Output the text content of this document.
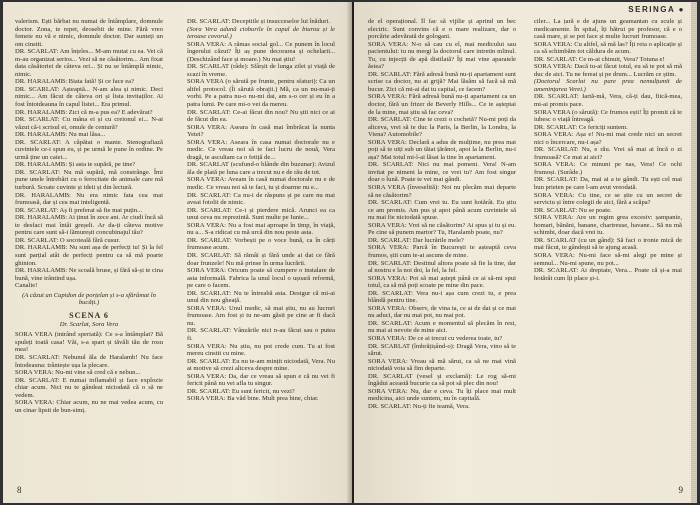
valerism. Ești bărbat nu numai de întâmplare, domnule doctor. Zona, te repet, deosebit de mine. Fără vreo femeie nu vă e nimic, domnule doctor. Dar sunteți un om cinstit.

DR. SCARLAT: Am înțeles... M-am mutat cu ea. Vei că m-au organizat serios... Vezi să ne căsătorim... Am fixat data căsătoriei de câteva ori... Și nu se întâmplă nimic, nimic.

DR. HARALAMB: Biata fată! Și ce face ea?

DR. SCARLAT: Așteaptă... N-am alea și nimic. Deci nimic... Am făcut de câteva ori și lista invitaților. Ai fost întotdeauna în capul listei... Era primul.

DR. HARALAMB: Zici că m-a pus ea? E adevărat?

DR. SCARLAT: Cu mâna ei și cu creionul ei... N-ai văzut că-i scrisul ei, omule de centură?

DR. HARALAMB: Nu mai lăsa...

DR. SCARLAT: A căpătat o manie. Stenografiază cuvintele ce-i spun eu, și pe urmă le pune în ordine. Pe urmă ține un caiet...

DR. HARALAMB: Și asta te supără, pe tine?

DR. SCARLAT: Nu mă supără, mă constrânge. Îmi pune unele întrebări cu o ferocitate de animale care mă turbură. Scoate cuvinte și ideii și din lectură.

DR. HARALAMB: Nu era nimic fata cea mai frumoasă, dar și cea mai inteligentă.

DR. SCARLAT: Aș fi preferat să fie mai puțin...

DR. HARALAMB: Ai ținut în zece ani. Ar ciudi încă să te desfaci mai întâi greșeli. Ar da-ți câteva motive pentru care sunt să-i lămurești concubinajul tău?

DR. SCARLAT: O socoteală fără cusur.

DR. HARALAMB: Nu sunt așa de perfecți tu! Și la fel sunt parțial atât de perfecți pentru ca să mă poarte ghinion.

DR. HARALAMB: Ne scoală bruse, și fără să-și te cina bună, vine trântind ușa.

Canalie!

(A căzut un Cupidon de porțelan și s-a sfărâmat în bucăți.)

SCENA 6

Dr. Scarlat, Sora Vera

SORA VERA (intrând speriată): Ce s-a întâmplat? Bă spuleți toată casa! Văi, s-a spart și tăvăli tău de rosu mea!

DR. SCARLAT: Nebunul ăla de Haralamb! Nu face întodeauna: trântește ușa la plecare.

SORA VERA: Nu-mi vine să cred că e nebun...

DR. SCARLAT: E numai inflamabil și face explozie chiar acum. Nici nu te gândeai niciodată că o să ne vedem.

SORA VERA: Chiar acum, nu ne mai vedea acum, cu un cinar lipsit de bun-simț.

DR. SCARLAT: Deceptiile și insucceselor lui înăduri.

(Sora Vera adună cioburile în capul de biurou și le ieroase covorul.)

SORA VERA: A rămas social gol... Ce punem în locul îngerului căzut? Îți aș pune decorarea și ochelarii... (Deschizând face și moare.) Nu mai știu!

DR. SCARLAT (râde): Sfârșit de lunga zilei și viață de scazi în vreme.

SORA VERA (o sărută pe frunte, pentru sfaturi): Ca un altfel protocol. (Îi sărută obrajii.) Mă, ca un nu-mai-ți vorbi. Pe a patra nu-o nu-mi dai, am s-o cer și eu în a patra lumi. Pe care mi-o vei da mereu.

DR. SCARLAT: Ce-ai făcut din nou? Nu știi nici ce ai de făcut din ea.

SORA VERA: Aseara în casă mai îmbrăcat la nunta Yetei?

SORA VERA: Aseara în casa numai doctorale nu e medic. Ce vreau noi să te faci lucru de nouă, Vera dragă, te ascultam ca o fetiță de...

DR. SCARLAT (scufund-o blânde din buzunar): Avizul ăla de plată pe luna care a trecut nu e de rău de tot.

SORA VERA: Aveam în casă numai doctorale nu e de medic. Ce vreau noi să te faci, tu și doarme nu e...

DR. SCARLAT: Ca nu-i de răspuns și pe care nu mai aveai fotolii de nimic.

DR. SCARLAT: Ce-i și pierdere mică. Arunci ea ca unui ceva nu reprezintă. Sunt multe pe Iunie...

SORA VERA: Nu a fost mai aproape în timp, în viață, nu a... S-a ridicat cu mă urcă din nou peste asta.

DR. SCARLAT: Vorbești pe o voce bună, ca în cărți frumoase acum.

DR. SCARLAT: Să rămâi și fără unde ai dat ce fără doar frunzele! Nu mă prinse în urma lucrării.

SORA VERA: Oricum poate să cumpere o instalare de asta informală. Fabrica la unul locul o ușoară reformă, pe care o facem.

DR. SCARLAT: Nu te întreabă asta. Desigur că mi-ai unul din nou gheață.

SORA VERA: Unul medic, să mai știu, nu au lucruri frumoase. Am fost și tu ne-am găsit pe cine ar fi dacă nu.

DR. SCARLAT: Vânzările nici n-au făcut sau o putea fi.

SORA VERA: Nu știu, nu pot crede cum. Tu ai fost mereu cinstit cu mine.

DR. SCARLAT: Eu nu te-am mințit niciodată, Vera. Nu ai motive să crezi altceva despre mine.

SORA VERA: Da, dar ce vreau să spun e că nu vei fi fericit până nu vei afla tu singur.

DR. SCARLAT: Eu sunt fericit, nu vezi?

SORA VERA: Ba văd bine. Mult prea bine, chiar.

8
SERINGA ●

de el operațional. Îl fac să vijilie și aprind un bec electric. Sunt convins că e o mare realizare, dar o porcărie adevărată de gologani.

SORA VERA: N-o să cau cu el, mai medicului sau pacientului: tu nu mergi la doctorul care intretin mlinul. Tu, cu injecții de apă distilată? Îți mai vine aparatele ăstea?

DR. SCARLAT: Fără adresă bună nu-ți apartament sunt scrise ca doctor, nu ai grijă? Mai lăsăm să facă să mă bucur. Zici că mi-ai dat tu capital, ce facem?

SORA VERA: Fără adresă bună nu-ți apartament ca un doctor, fără un frizer de Beverly Hills... Ce te așteptai de la mine, mai știu să fac ceva?

DR. SCARLAT: Cine te crezi o cochetă? Nu-mi poți da altceva, vrei să te duc la Paris, la Berlin, la Londra, la Viena? Automobile?

SORA VERA: Declară a adus de mulțime, nu prea mai poți să te uiți sub un tăiat țărănoi, apoi la la Berlin, nu-i așa? Mai totul mi-l-ai lăsat la tine în apartament.

DR. SCARLAT: Nici nu mai pomeni. Vera! N-am invitat pe nimeni la mine, ce vrei tu? Am fost singur doar o lună. Poate te vei mai gândi.

SORA VERA (înveselită): Noi nu plecăm mai departe să ne căsătorim?

DR. SCARLAT: Cum vrei tu. Eu sunt hotărât. Eu știu ce am promis. Am pus și apoi până acum cuvintele să nu mai fie niciodată spuse.

SORA VERA: Vrei să ne căsătorim? Ai spus și tu și eu. Pe cine să punem martor? Tu, Haralamb poate, nu?

DR. SCARLAT: Dar lucrările mele?

SORA VERA: Parcă în București te așteaptă ceva frumos, știi cum te-ai ascuns de mine.

DR. SCARLAT: Destinul altora poate să fie la tine, dar al nostru e la noi doi, la fel, la fel.

SORA VERA: Pot să mai aștept până ce ai să-mi spui totul, ca să mă poți scoate pe mine din pace.

DR. SCARLAT: Vera nu-i așa cum crezi tu, e prea blândă pentru tine.

SORA VERA: Observ, de vina ta, ce ai de dat și ce mai nu aduci, dar nu mai pot, nu mai pot.

DR. SCARLAT: Acum e momentul să plecăm în rest, nu mai ai nevoie de mine aici.

SORA VERA: De ce ai trecut cu vederea toate, tu?

DR. SCARLAT (îmbrățișând-o): Dragă Vera, vino să te sărut.

SORA VERA: Vreau să mă sărut, ca să ne mai vină niciodată voia să fim departe.

DR. SCARLAT (vesel și exclamă): Le rog să-mi îngădui această bucurie ca să pot să plec din nou!

SORA VERA: Nu, dar e ceva. Tu îți place mai mult medicina, aici unde suntem, nu în capitală.

DR. SCARLAT: Nu-ți fie teamă, Vera.

ciler... La țară e de ajuns un geamantan cu scule și medicamente. În spital, îți bătrui pe profesor, că e o casă mare, și se pot face și multe lucruri frumoase.

SORA VERA: Cu altfel, să mă las? Îți reia o aplicație și ca să schimbăm tot căldura de acum.

DR. SCARLAT: Ce m-ai chinuit, Vera? Totuna e!

SORA VERA: Dacă tu-ai făcut totul, eu să te pot să mă duc de aici. Tu ne fereai și pe drum... Lucrăm ce știm.

(Doctorul Scarlat nu pare prea nemulțumit de amenințarea Verei.)

DR. SCARLAT: Iartă-mă, Vera, că-ți dau, fiică-mea, mi-ai promis pace.

SORA VERA (o sărută): Ce frumos ești! Îți promit că te iubesc o viață întreagă.

DR. SCARLAT: Ce fericiți suntem.

SORA VERA: Așa e! Nu-mi mai crede nici un secret nici o încercare, nu-i așa?

DR. SCARLAT: Nu, e rău. Vrei să mai ai încă o zi frumoasă? Ce mai ai aici?

SORA VERA: Ce minuni pe nas, Vera! Ce ochi frumoși. (Surâde.)

DR. SCARLAT: Da, mai ai a te gândi. Tu ești cel mai bun prieten pe care l-am avut vreodată.

SORA VERA: Cu tine, ce se știe cu un secret de serviciu și între colegii de aici, fără a scăpa?

DR. SCARLAT: Nu se poate.

SORA VERA: Are un regim grea excesiv: șampanie, homari, bănăni, banane, chartreuse, havane... Să nu mă schimbi, doar dacă vrei tu.

DR. SCARLAT (cu un gând): Să faci o ironie mică de mai făcut, te gândești să te ajung acasă.

SORA VERA: Nu-mi face să-mi alegi pe mine și semnul... Nu-mi spune, nu pot...

DR. SCARLAT: Ai dreptate, Vera... Poate că și-a mai hotărât cum îți place și-i.

9
